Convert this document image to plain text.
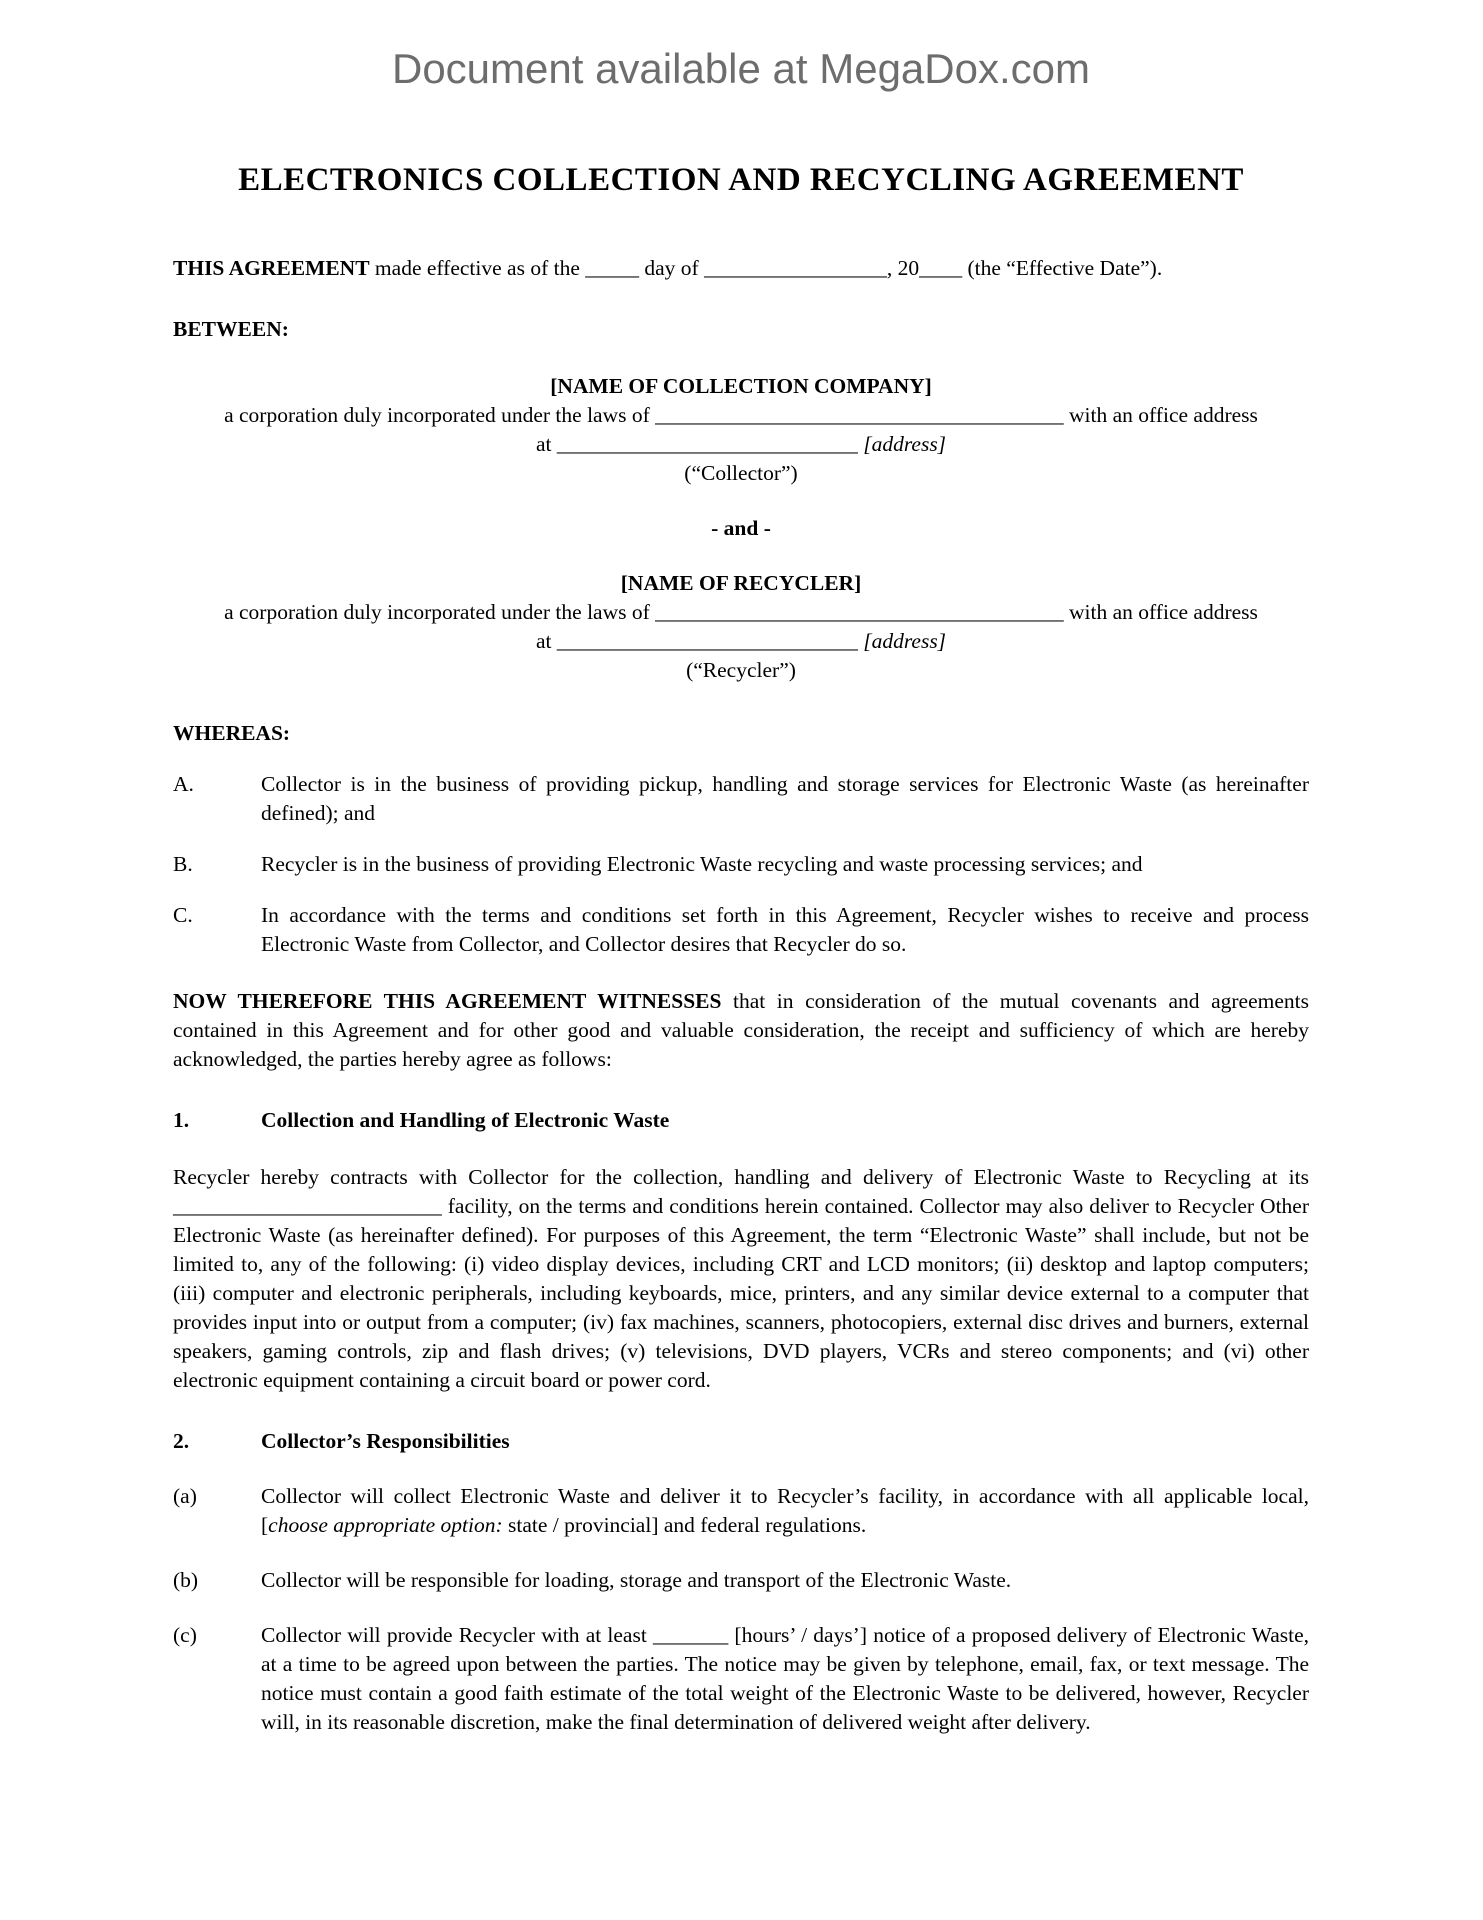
Document available at MegaDox.com
ELECTRONICS COLLECTION AND RECYCLING AGREEMENT

THIS AGREEMENT made effective as of the _____ day of _________________, 20____ (the “Effective Date”).

BETWEEN:
[NAME OF COLLECTION COMPANY]
a corporation duly incorporated under the laws of ______________________________________ with an office address
at ____________________________ [address]
(“Collector”)
- and -
[NAME OF RECYCLER]
a corporation duly incorporated under the laws of ______________________________________ with an office address
at ____________________________ [address]
(“Recycler”)
WHEREAS:
A.	Collector is in the business of providing pickup, handling and storage services for Electronic Waste (as hereinafter defined); and
B.	Recycler is in the business of providing Electronic Waste recycling and waste processing services; and
C.	In accordance with the terms and conditions set forth in this Agreement, Recycler wishes to receive and process Electronic Waste from Collector, and Collector desires that Recycler do so.

NOW THEREFORE THIS AGREEMENT WITNESSES that in consideration of the mutual covenants and agreements contained in this Agreement and for other good and valuable consideration, the receipt and sufficiency of which are hereby acknowledged, the parties hereby agree as follows:

1.	Collection and Handling of Electronic Waste

Recycler hereby contracts with Collector for the collection, handling and delivery of Electronic Waste to Recycling at its _________________________ facility, on the terms and conditions herein contained. Collector may also deliver to Recycler Other Electronic Waste (as hereinafter defined). For purposes of this Agreement, the term “Electronic Waste” shall include, but not be limited to, any of the following: (i) video display devices, including CRT and LCD monitors; (ii) desktop and laptop computers; (iii) computer and electronic peripherals, including keyboards, mice, printers, and any similar device external to a computer that provides input into or output from a computer; (iv) fax machines, scanners, photocopiers, external disc drives and burners, external speakers, gaming controls, zip and flash drives; (v) televisions, DVD players, VCRs and stereo components; and (vi) other electronic equipment containing a circuit board or power cord.

2.	Collector’s Responsibilities
(a)	Collector will collect Electronic Waste and deliver it to Recycler’s facility, in accordance with all applicable local, [choose appropriate option: state / provincial] and federal regulations.
(b)	Collector will be responsible for loading, storage and transport of the Electronic Waste.
(c)	Collector will provide Recycler with at least _______ [hours’ / days’] notice of a proposed delivery of Electronic Waste, at a time to be agreed upon between the parties. The notice may be given by telephone, email, fax, or text message. The notice must contain a good faith estimate of the total weight of the Electronic Waste to be delivered, however, Recycler will, in its reasonable discretion, make the final determination of delivered weight after delivery.
